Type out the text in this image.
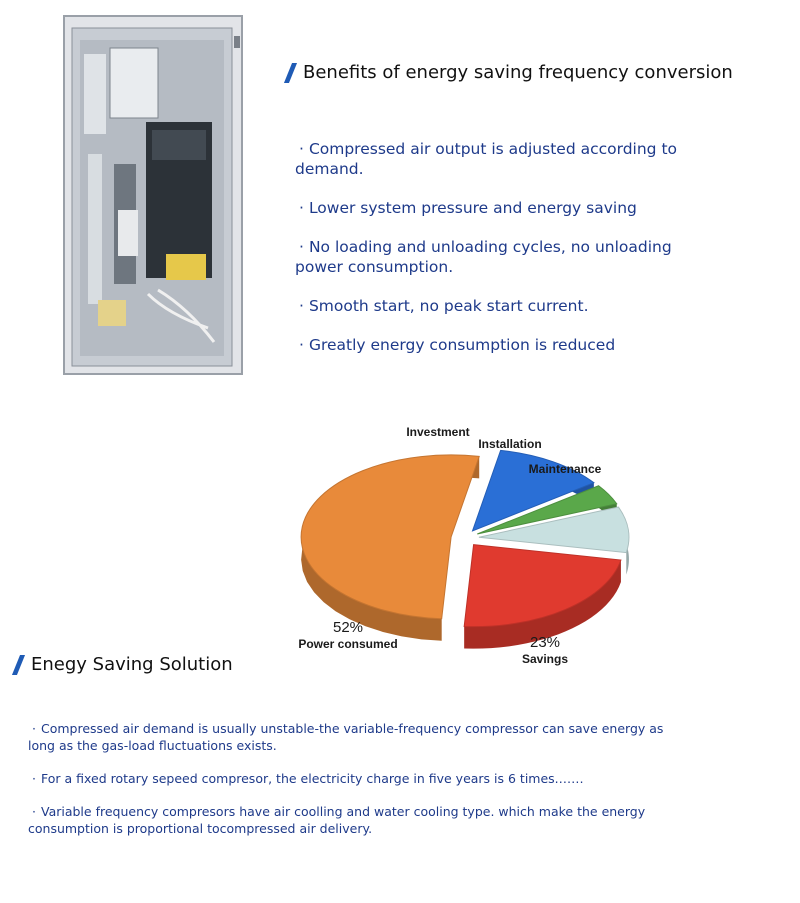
Benefits of energy saving frequency conversion
· Compressed air output is adjusted according to demand.
· Lower system pressure and energy saving
· No loading and unloading cycles, no unloading power consumption.
· Smooth start, no peak start current.
· Greatly energy consumption is reduced
52%
Power consumed
Investment
Installation
Maintenance
23%
Savings
Enegy Saving Solution
· Compressed air demand is usually unstable-the variable-frequency compressor can save energy as long as the gas-load fluctuations exists.
· For a fixed rotary sepeed compresor, the electricity charge in five years is 6 times.……
· Variable frequency compresors have air coolling and water cooling type. which make the energy consumption is proportional tocompressed air delivery.
